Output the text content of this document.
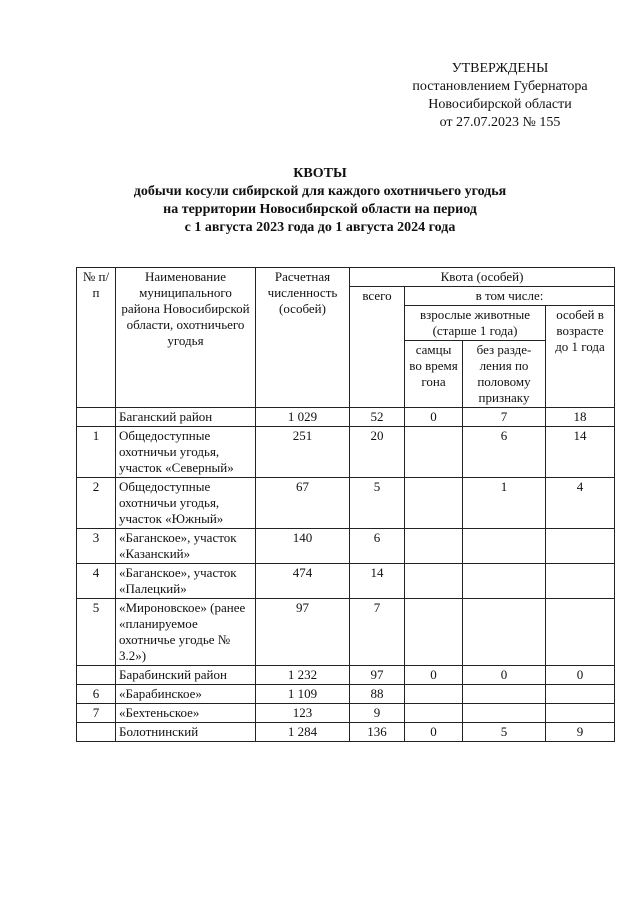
УТВЕРЖДЕНЫ
постановлением Губернатора
Новосибирской области
от 27.07.2023 № 155
КВОТЫ
добычи косули сибирской для каждого охотничьего угодья
на территории Новосибирской области на период
с 1 августа 2023 года до 1 августа 2024 года
№ п/п	Наименование муниципального района Новосибирской области, охотничьего угодья	Расчетная численность (особей)	Квота (особей)			
			всего	в том числе:		
				взрослые животные (старше 1 года)		особей в возрасте до 1 года
				самцы во время гона	без разде-ления по половому признаку	
	Баганский район	1 029	52	0	7	18
1	Общедоступные охотничьи угодья, участок «Северный»	251	20		6	14
2	Общедоступные охотничьи угодья, участок «Южный»	67	5		1	4
3	«Баганское», участок «Казанский»	140	6			
4	«Баганское», участок «Палецкий»	474	14			
5	«Мироновское» (ранее «планируемое охотничье угодье № 3.2»)	97	7			
	Барабинский район	1 232	97	0	0	0
6	«Барабинское»	1 109	88			
7	«Бехтеньское»	123	9			
	Болотнинский	1 284	136	0	5	9
